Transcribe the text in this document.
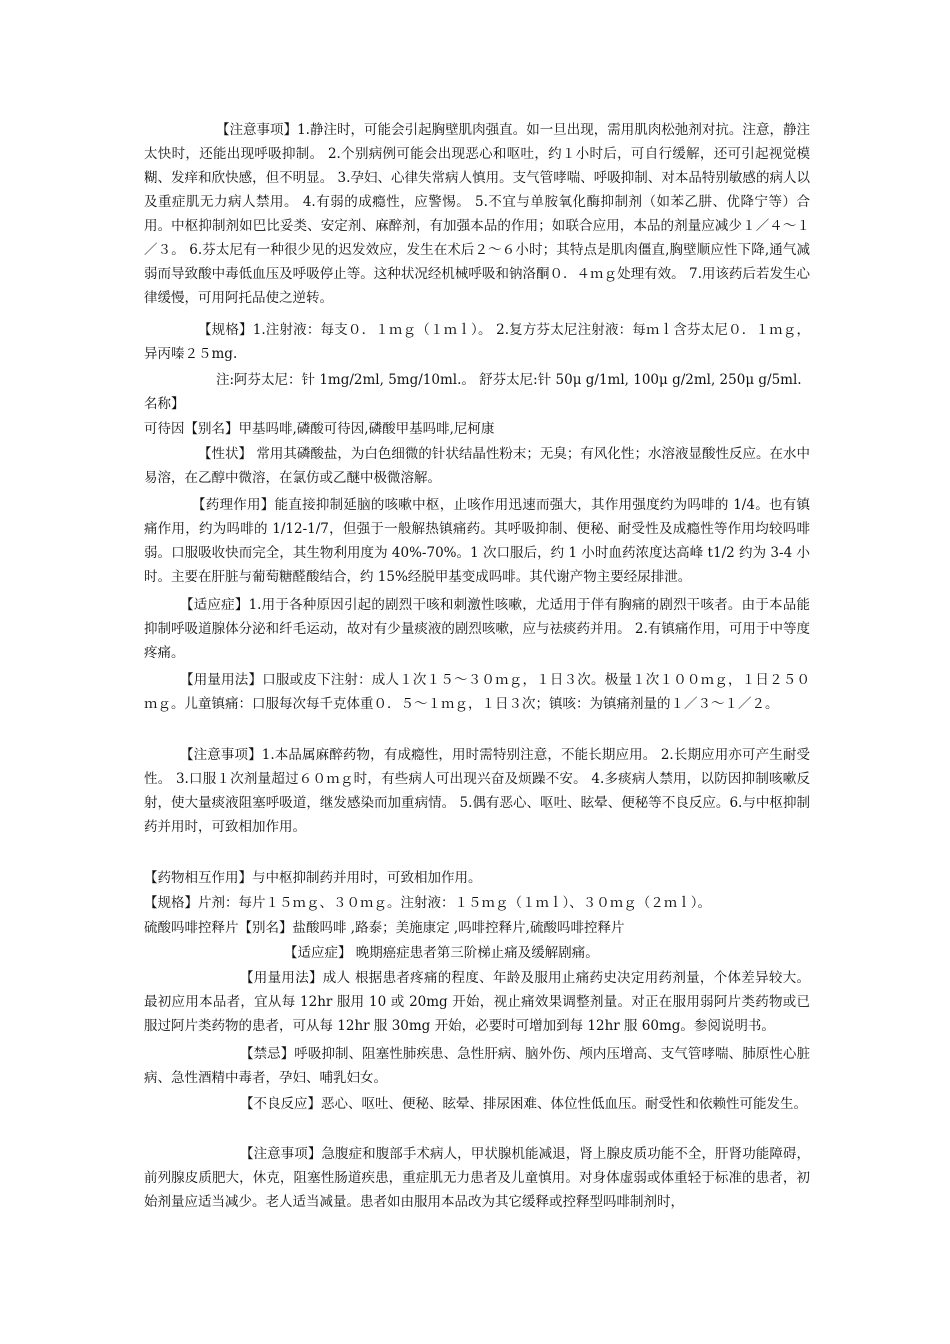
【注意事项】1.静注时，可能会引起胸壁肌肉强直。如一旦出现，需用肌肉松弛剂对抗。注意，静注太快时，还能出现呼吸抑制。 2.个别病例可能会出现恶心和呕吐，约１小时后，可自行缓解，还可引起视觉模糊、发痒和欣快感，但不明显。 3.孕妇、心律失常病人慎用。支气管哮喘、呼吸抑制、对本品特别敏感的病人以及重症肌无力病人禁用。 4.有弱的成瘾性，应警惕。 5.不宜与单胺氧化酶抑制剂（如苯乙肼、优降宁等）合用。中枢抑制剂如巴比妥类、安定剂、麻醉剂，有加强本品的作用；如联合应用，本品的剂量应减少１／４～１／３。 6.芬太尼有一种很少见的迟发效应，发生在术后２～６小时；其特点是肌肉僵直,胸壁顺应性下降,通气减弱而导致酸中毒低血压及呼吸停止等。这种状况经机械呼吸和钠洛酮０．４ｍｇ处理有效。 7.用该药后若发生心律缓慢，可用阿托品使之逆转。

【规格】1.注射液：每支０．１ｍｇ（１ｍｌ）。 2.复方芬太尼注射液：每ｍｌ含芬太尼０．１ｍｇ，异丙嗪２５mg.

注:阿芬太尼：针 1mg/2ml, 5mg/10ml.。 舒芬太尼:针 50μ g/1ml, 100μ g/2ml, 250μ g/5ml.

名称】

可待因【别名】甲基吗啡,磷酸可待因,磷酸甲基吗啡,尼柯康

【性状】 常用其磷酸盐，为白色细微的针状结晶性粉末；无臭；有风化性；水溶液显酸性反应。在水中易溶，在乙醇中微溶，在氯仿或乙醚中极微溶解。

【药理作用】能直接抑制延脑的咳嗽中枢，止咳作用迅速而强大，其作用强度约为吗啡的 1/4。也有镇痛作用，约为吗啡的 1/12-1/7，但强于一般解热镇痛药。其呼吸抑制、便秘、耐受性及成瘾性等作用均较吗啡弱。口服吸收快而完全，其生物利用度为 40%-70%。1 次口服后，约 1 小时血药浓度达高峰 t1/2 约为 3-4 小时。主要在肝脏与葡萄糖醛酸结合，约 15%经脱甲基变成吗啡。其代谢产物主要经尿排泄。

【适应症】1.用于各种原因引起的剧烈干咳和刺激性咳嗽，尤适用于伴有胸痛的剧烈干咳者。由于本品能抑制呼吸道腺体分泌和纤毛运动，故对有少量痰液的剧烈咳嗽，应与祛痰药并用。 2.有镇痛作用，可用于中等度疼痛。

【用量用法】口服或皮下注射：成人１次１５～３０ｍｇ，１日３次。极量１次１００ｍｇ，１日２５０ｍｇ。儿童镇痛：口服每次每千克体重０．５～１ｍｇ，１日３次；镇咳：为镇痛剂量的１／３～１／２。

【注意事项】1.本品属麻醉药物，有成瘾性，用时需特别注意，不能长期应用。 2.长期应用亦可产生耐受性。 3.口服１次剂量超过６０ｍｇ时，有些病人可出现兴奋及烦躁不安。 4.多痰病人禁用，以防因抑制咳嗽反射，使大量痰液阻塞呼吸道，继发感染而加重病情。 5.偶有恶心、呕吐、眩晕、便秘等不良反应。6.与中枢抑制药并用时，可致相加作用。

【药物相互作用】与中枢抑制药并用时，可致相加作用。

【规格】片剂：每片１５ｍｇ、３０ｍｇ。注射液：１５ｍｇ（１ｍｌ）、３０ｍｇ（２ｍｌ）。

硫酸吗啡控释片【别名】盐酸吗啡 ,路泰；美施康定 ,吗啡控释片,硫酸吗啡控释片

【适应症】 晚期癌症患者第三阶梯止痛及缓解剧痛。

【用量用法】成人 根据患者疼痛的程度、年龄及服用止痛药史决定用药剂量，个体差异较大。最初应用本品者，宜从每 12hr 服用 10 或 20mg 开始，视止痛效果调整剂量。对正在服用弱阿片类药物或已服过阿片类药物的患者，可从每 12hr 服 30mg 开始，必要时可增加到每 12hr 服 60mg。参阅说明书。

【禁忌】呼吸抑制、阻塞性肺疾患、急性肝病、脑外伤、颅内压增高、支气管哮喘、肺原性心脏病、急性酒精中毒者，孕妇、哺乳妇女。

【不良反应】恶心、呕吐、便秘、眩晕、排尿困难、体位性低血压。耐受性和依赖性可能发生。

【注意事项】急腹症和腹部手术病人，甲状腺机能减退，肾上腺皮质功能不全，肝肾功能障碍，前列腺皮质肥大，休克，阻塞性肠道疾患，重症肌无力患者及儿童慎用。对身体虚弱或体重轻于标准的患者，初始剂量应适当减少。老人适当减量。患者如由服用本品改为其它缓释或控释型吗啡制剂时，
